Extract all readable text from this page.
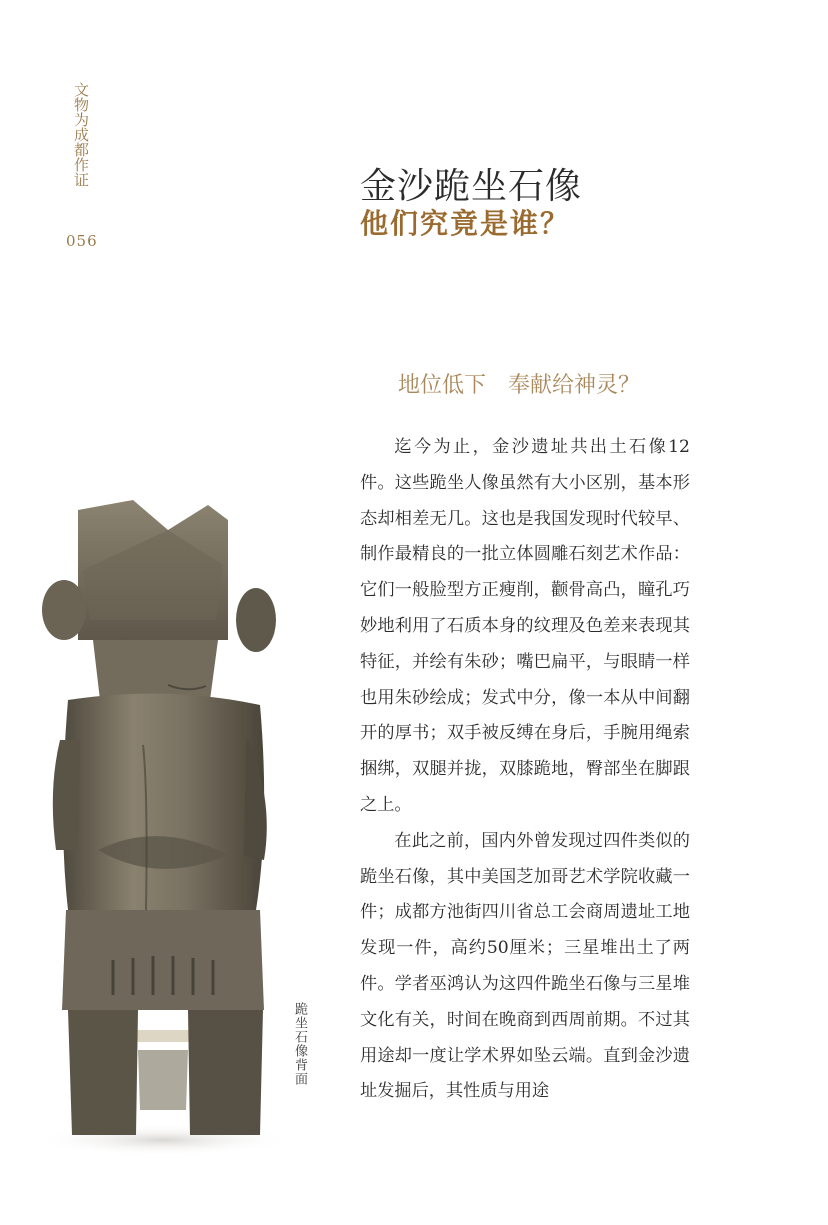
文物为成都作证
056
金沙跪坐石像
他们究竟是谁？
地位低下 奉献给神灵？

迄今为止，金沙遗址共出土石像12件。这些跪坐人像虽然有大小区别，基本形态却相差无几。这也是我国发现时代较早、制作最精良的一批立体圆雕石刻艺术作品：它们一般脸型方正瘦削，颧骨高凸，瞳孔巧妙地利用了石质本身的纹理及色差来表现其特征，并绘有朱砂；嘴巴扁平，与眼睛一样也用朱砂绘成；发式中分，像一本从中间翻开的厚书；双手被反缚在身后，手腕用绳索捆绑，双腿并拢，双膝跪地，臀部坐在脚跟之上。

在此之前，国内外曾发现过四件类似的跪坐石像，其中美国芝加哥艺术学院收藏一件；成都方池街四川省总工会商周遗址工地发现一件，高约50厘米；三星堆出土了两件。学者巫鸿认为这四件跪坐石像与三星堆文化有关，时间在晚商到西周前期。不过其用途却一度让学术界如坠云端。直到金沙遗址发掘后，其性质与用途

跪坐石像背面
